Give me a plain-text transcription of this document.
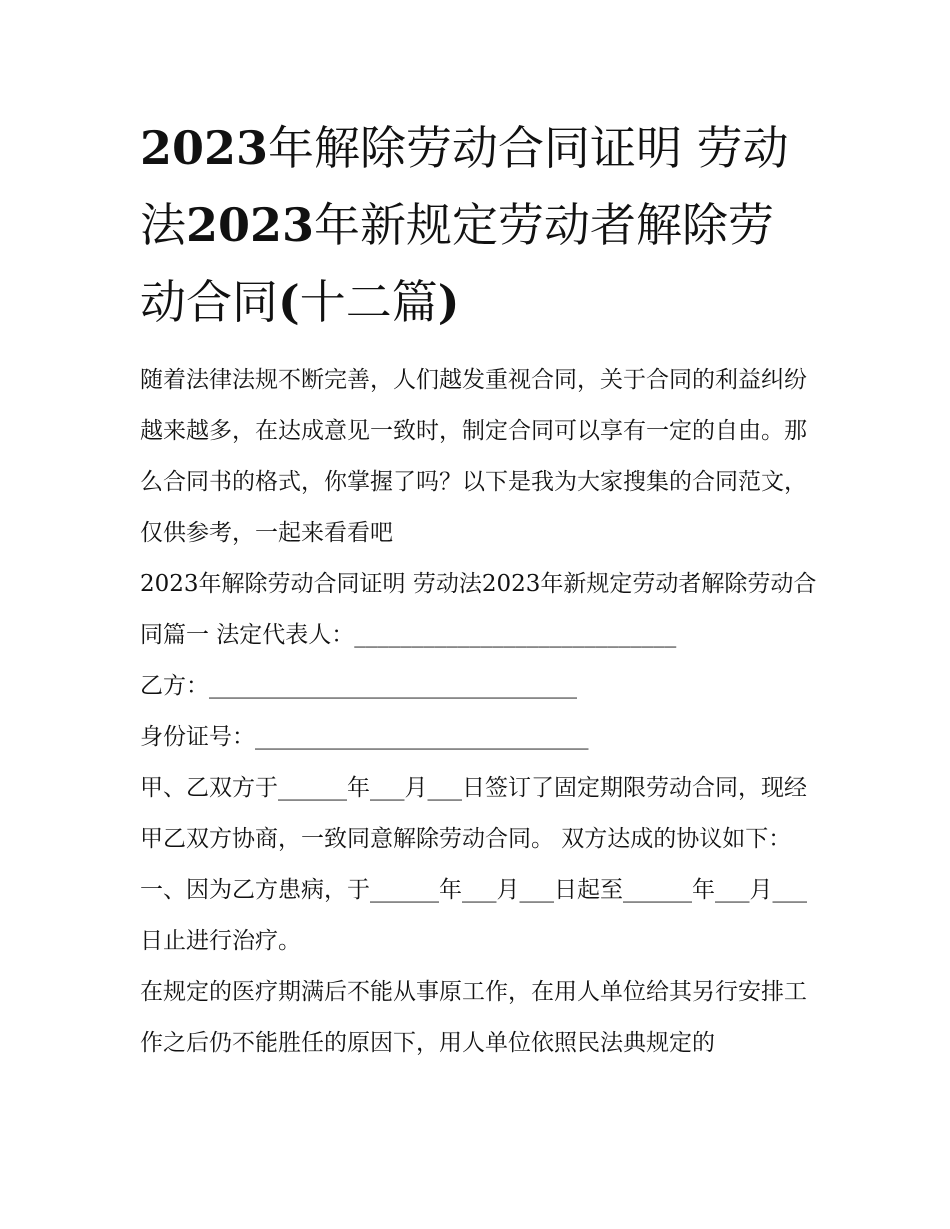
2023年解除劳动合同证明 劳动法2023年新规定劳动者解除劳动合同(十二篇)

随着法律法规不断完善，人们越发重视合同，关于合同的利益纠纷越来越多，在达成意见一致时，制定合同可以享有一定的自由。那么合同书的格式，你掌握了吗？以下是我为大家搜集的合同范文，仅供参考，一起来看看吧

2023年解除劳动合同证明 劳动法2023年新规定劳动者解除劳动合同篇一 法定代表人：____________________________

乙方：________________________________

身份证号：_____________________________

甲、乙双方于______年___月___日签订了固定期限劳动合同，现经甲乙双方协商，一致同意解除劳动合同。 双方达成的协议如下：

一、因为乙方患病，于______年___月___日起至______年___月___日止进行治疗。

在规定的医疗期满后不能从事原工作，在用人单位给其另行安排工作之后仍不能胜任的原因下，用人单位依照民法典规定的
